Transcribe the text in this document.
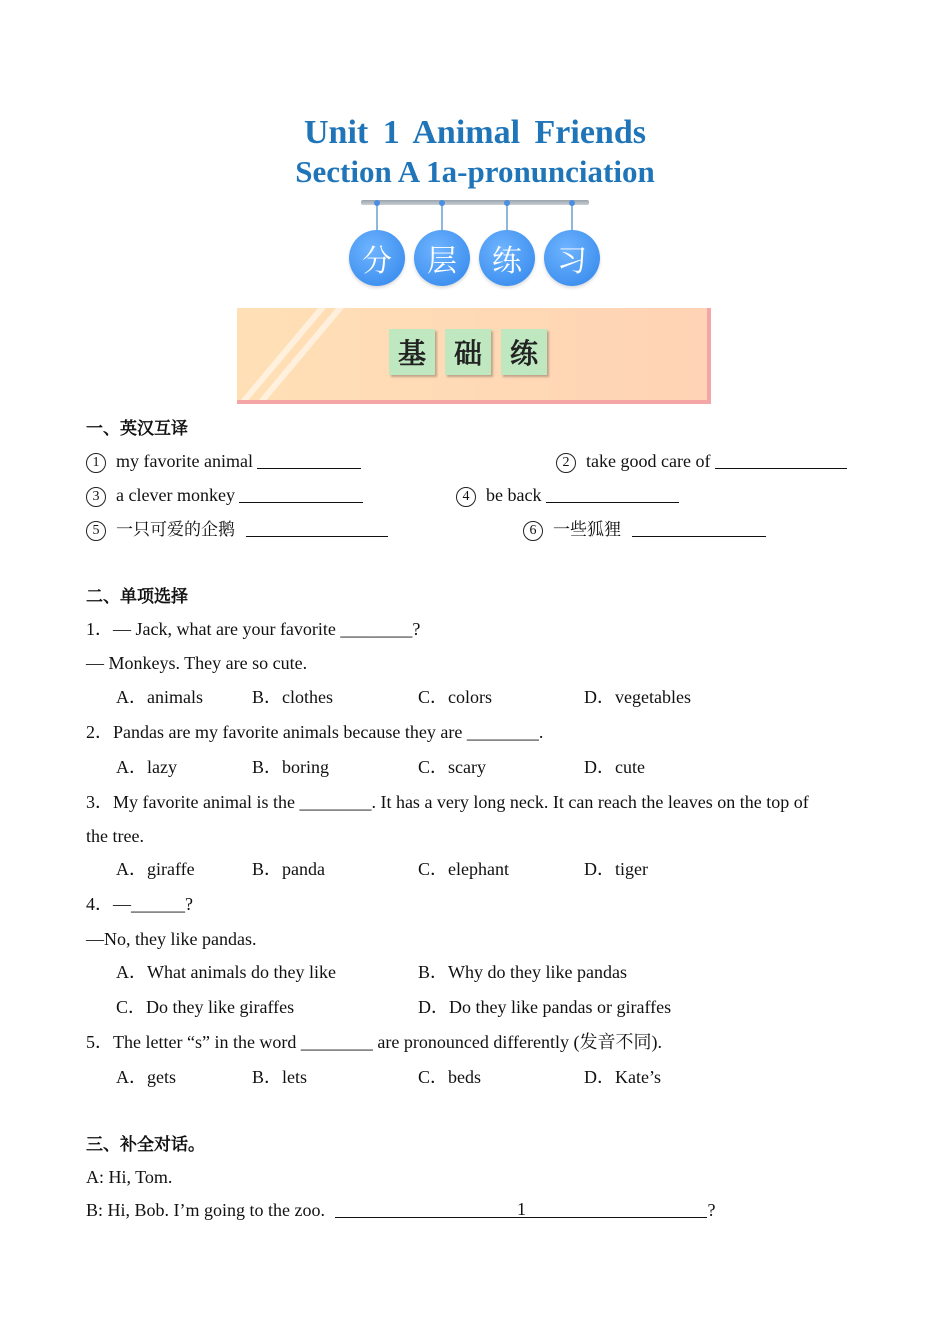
Unit 1 Animal Friends
Section A 1a-pronunciation
分	层	练	习
基 础 练
一、英汉互译
1 my favorite animal	2 take good care of
3 a clever monkey	4 be back
5 一只可爱的企鹅	6 一些狐狸
二、单项选择
1．— Jack, what are your favorite ________?
— Monkeys. They are so cute.
A．animals	B．clothes	C．colors	D．vegetables
2．Pandas are my favorite animals because they are ________.
A．lazy	B．boring	C．scary	D．cute
3．My favorite animal is the ________. It has a very long neck. It can reach the leaves on the top of
the tree.
A．giraffe	B．panda	C．elephant	D．tiger
4．—______?
—No, they like pandas.
A．What animals do they like	B．Why do they like pandas
C．Do they like giraffes	D．Do they like pandas or giraffes
5．The letter “s” in the word ________ are pronounced differently (发音不同).
A．gets	B．lets	C．beds	D．Kate’s
三、补全对话。
A: Hi, Tom.
B: Hi, Bob. I’m going to the zoo.	1	?
